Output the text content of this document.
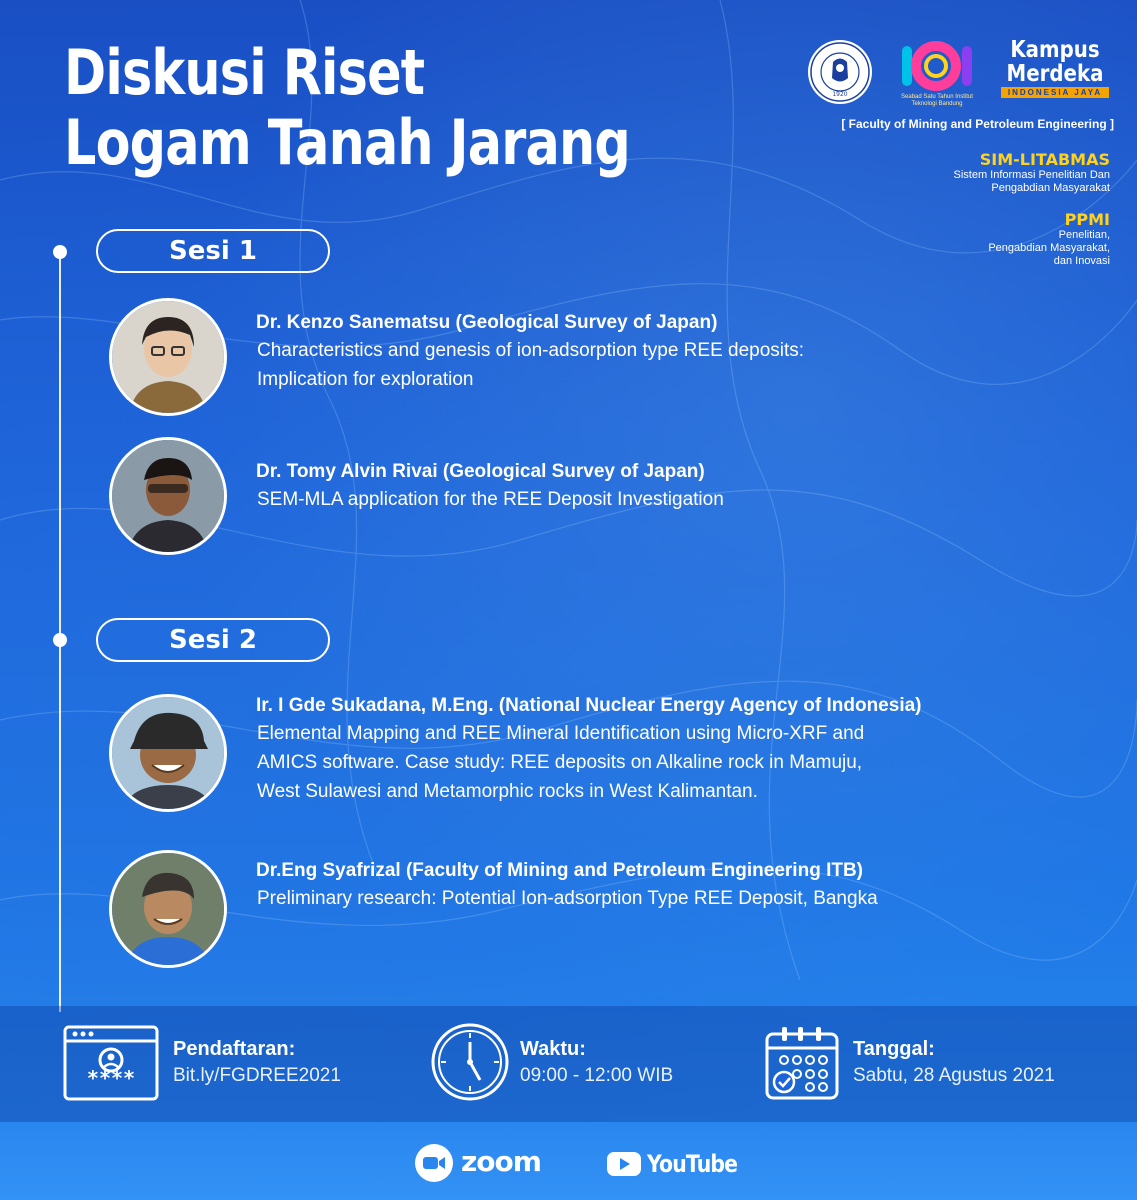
Diskusi Riset
Logam Tanah Jarang
1920	Seabad Satu Tahun Institut Teknologi Bandung
Kampus
Merdeka
INDONESIA JAYA
[ Faculty of Mining and Petroleum Engineering ]
SIM-LITABMAS
Sistem Informasi Penelitian Dan
Pengabdian Masyarakat
PPMI
Penelitian,
Pengabdian Masyarakat,
dan Inovasi
Sesi 1
Dr. Kenzo Sanematsu (Geological Survey of Japan)
Characteristics and genesis of ion-adsorption type REE deposits:
Implication for exploration
Dr. Tomy Alvin Rivai (Geological Survey of Japan)
SEM-MLA application for the REE Deposit Investigation
Sesi 2
Ir. I Gde Sukadana, M.Eng. (National Nuclear Energy Agency of Indonesia)
Elemental Mapping and REE Mineral Identification using Micro-XRF and
AMICS software. Case study: REE deposits on Alkaline rock in Mamuju,
West Sulawesi and Metamorphic rocks in West Kalimantan.
Dr.Eng Syafrizal (Faculty of Mining and Petroleum Engineering ITB)
Preliminary research: Potential Ion-adsorption Type REE Deposit, Bangka
****
Pendaftaran:
Bit.ly/FGDREE2021
Waktu:
09:00 - 12:00 WIB
Tanggal:
Sabtu, 28 Agustus 2021
zoom	YouTube
